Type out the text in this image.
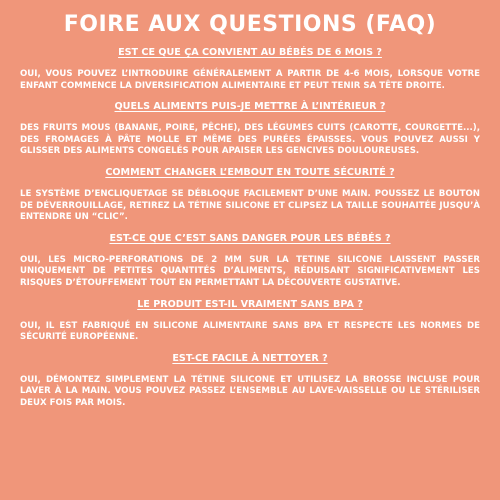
FOIRE AUX QUESTIONS (FAQ)

EST CE QUE ÇA CONVIENT AU BÉBÉS DE 6 MOIS ?

OUI, VOUS POUVEZ L’INTRODUIRE GÉNÉRALEMENT A PARTIR DE 4-6 MOIS, LORSQUE VOTRE ENFANT COMMENCE LA DIVERSIFICATION ALIMENTAIRE ET PEUT TENIR SA TÊTE DROITE.

QUELS ALIMENTS PUIS-JE METTRE À L’INTÉRIEUR ?

DES FRUITS MOUS (BANANE, POIRE, PÊCHE), DES LÉGUMES CUITS (CAROTTE, COURGETTE...), DES FROMAGES À PÂTE MOLLE ET MÊME DES PURÉES ÉPAISSES. VOUS POUVEZ AUSSI Y GLISSER DES ALIMENTS CONGELÉS POUR APAISER LES GENCIVES DOULOUREUSES.

COMMENT CHANGER L’EMBOUT EN TOUTE SÉCURITÉ ?

LE SYSTÈME D’ENCLIQUETAGE SE DÉBLOQUE FACILEMENT D’UNE MAIN. POUSSEZ LE BOUTON DE DÉVERROUILLAGE, RETIREZ LA TÉTINE SILICONE ET CLIPSEZ LA TAILLE SOUHAITÉE JUSQU’À ENTENDRE UN “CLIC”.

EST-CE QUE C’EST SANS DANGER POUR LES BÉBÉS ?

OUI, LES MICRO-PERFORATIONS DE 2 MM SUR LA TETINE SILICONE LAISSENT PASSER UNIQUEMENT DE PETITES QUANTITÉS D’ALIMENTS, RÉDUISANT SIGNIFICATIVEMENT LES RISQUES D’ÉTOUFFEMENT TOUT EN PERMETTANT LA DÉCOUVERTE GUSTATIVE.

LE PRODUIT EST-IL VRAIMENT SANS BPA ?

OUI, IL EST FABRIQUÉ EN SILICONE ALIMENTAIRE SANS BPA ET RESPECTE LES NORMES DE SÉCURITÉ EUROPÉENNE.

EST-CE FACILE À NETTOYER ?

OUI, DÉMONTEZ SIMPLEMENT LA TÉTINE SILICONE ET UTILISEZ LA BROSSE INCLUSE POUR LAVER À LA MAIN. VOUS POUVEZ PASSEZ L’ENSEMBLE AU LAVE-VAISSELLE OU LE STÉRILISER DEUX FOIS PAR MOIS.
